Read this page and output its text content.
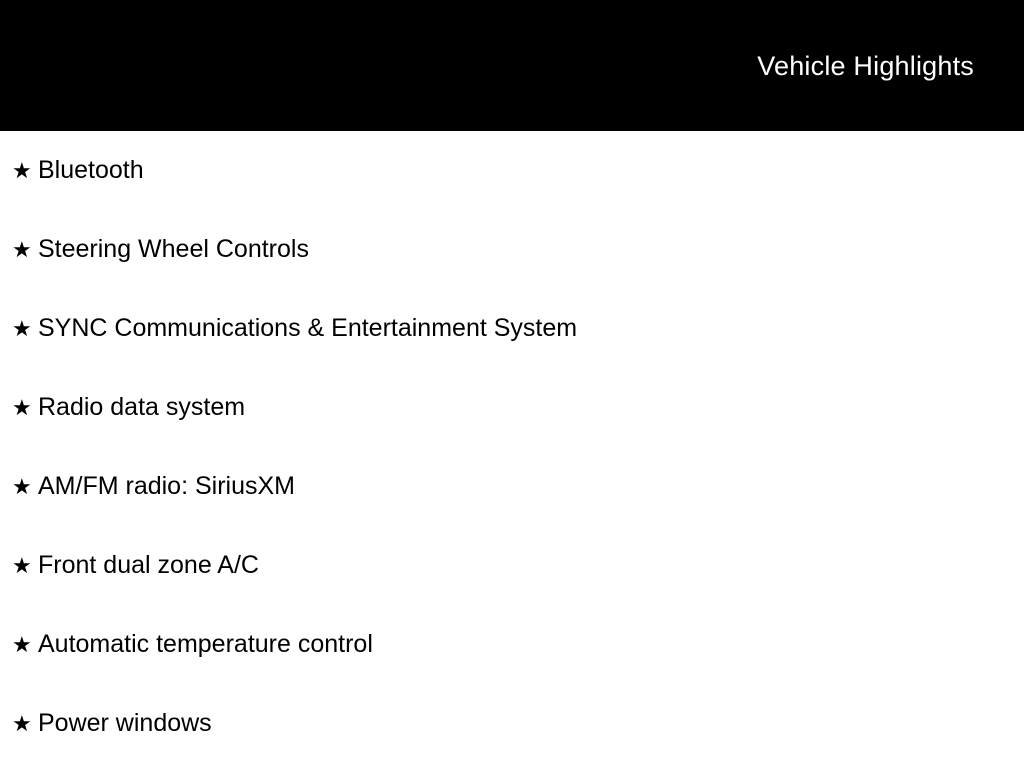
Vehicle Highlights
★ Bluetooth
★ Steering Wheel Controls
★ SYNC Communications & Entertainment System
★ Radio data system
★ AM/FM radio: SiriusXM
★ Front dual zone A/C
★ Automatic temperature control
★ Power windows
